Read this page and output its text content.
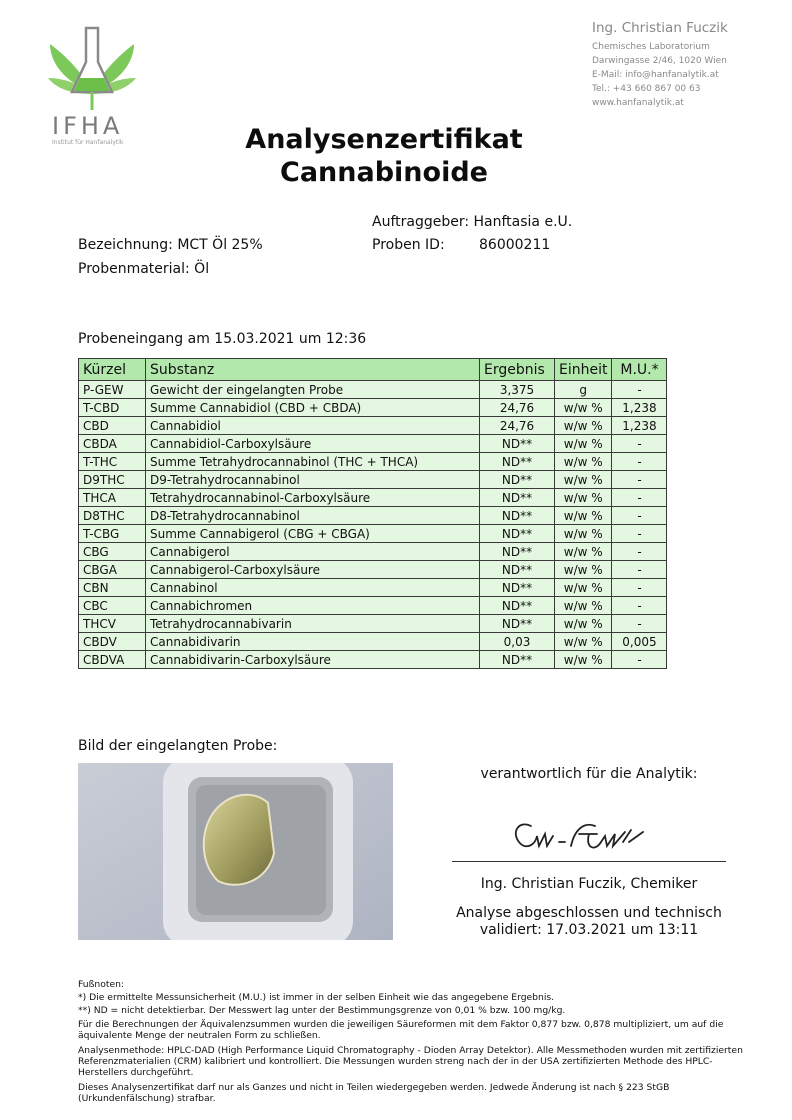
IFHA
Institut für Hanfanalytik
Ing. Christian Fuczik
Chemisches Laboratorium
Darwingasse 2/46, 1020 Wien
E-Mail: info@hanfanalytik.at
Tel.: +43 660 867 00 63
www.hanfanalytik.at
Analysenzertifikat
Cannabinoide
Auftraggeber: Hanftasia e.U.
Bezeichnung: MCT Öl 25%	Proben ID: 86000211
Probenmaterial: Öl
Probeneingang am 15.03.2021 um 12:36
Kürzel	Substanz	Ergebnis	Einheit	M.U.*
P-GEW	Gewicht der eingelangten Probe	3,375	g	-
T-CBD	Summe Cannabidiol (CBD + CBDA)	24,76	w/w %	1,238
CBD	Cannabidiol	24,76	w/w %	1,238
CBDA	Cannabidiol-Carboxylsäure	ND**	w/w %	-
T-THC	Summe Tetrahydrocannabinol (THC + THCA)	ND**	w/w %	-
D9THC	D9-Tetrahydrocannabinol	ND**	w/w %	-
THCA	Tetrahydrocannabinol-Carboxylsäure	ND**	w/w %	-
D8THC	D8-Tetrahydrocannabinol	ND**	w/w %	-
T-CBG	Summe Cannabigerol (CBG + CBGA)	ND**	w/w %	-
CBG	Cannabigerol	ND**	w/w %	-
CBGA	Cannabigerol-Carboxylsäure	ND**	w/w %	-
CBN	Cannabinol	ND**	w/w %	-
CBC	Cannabichromen	ND**	w/w %	-
THCV	Tetrahydrocannabivarin	ND**	w/w %	-
CBDV	Cannabidivarin	0,03	w/w %	0,005
CBDVA	Cannabidivarin-Carboxylsäure	ND**	w/w %	-
Bild der eingelangten Probe:
verantwortlich für die Analytik:
Ing. Christian Fuczik, Chemiker
Analyse abgeschlossen und technisch
validiert: 17.03.2021 um 13:11
Fußnoten:
*) Die ermittelte Messunsicherheit (M.U.) ist immer in der selben Einheit wie das angegebene Ergebnis.
**) ND = nicht detektierbar. Der Messwert lag unter der Bestimmungsgrenze von 0,01 % bzw. 100 mg/kg.
Für die Berechnungen der Äquivalenzsummen wurden die jeweiligen Säureformen mit dem Faktor 0,877 bzw. 0,878 multipliziert, um auf die äquivalente Menge der neutralen Form zu schließen.
Analysenmethode: HPLC-DAD (High Performance Liquid Chromatography - Dioden Array Detektor). Alle Messmethoden wurden mit zertifizierten Referenzmaterialien (CRM) kalibriert und kontrolliert. Die Messungen wurden streng nach der in der USA zertifizierten Methode des HPLC-Herstellers durchgeführt.
Dieses Analysenzertifikat darf nur als Ganzes und nicht in Teilen wiedergegeben werden. Jedwede Änderung ist nach § 223 StGB (Urkundenfälschung) strafbar.
